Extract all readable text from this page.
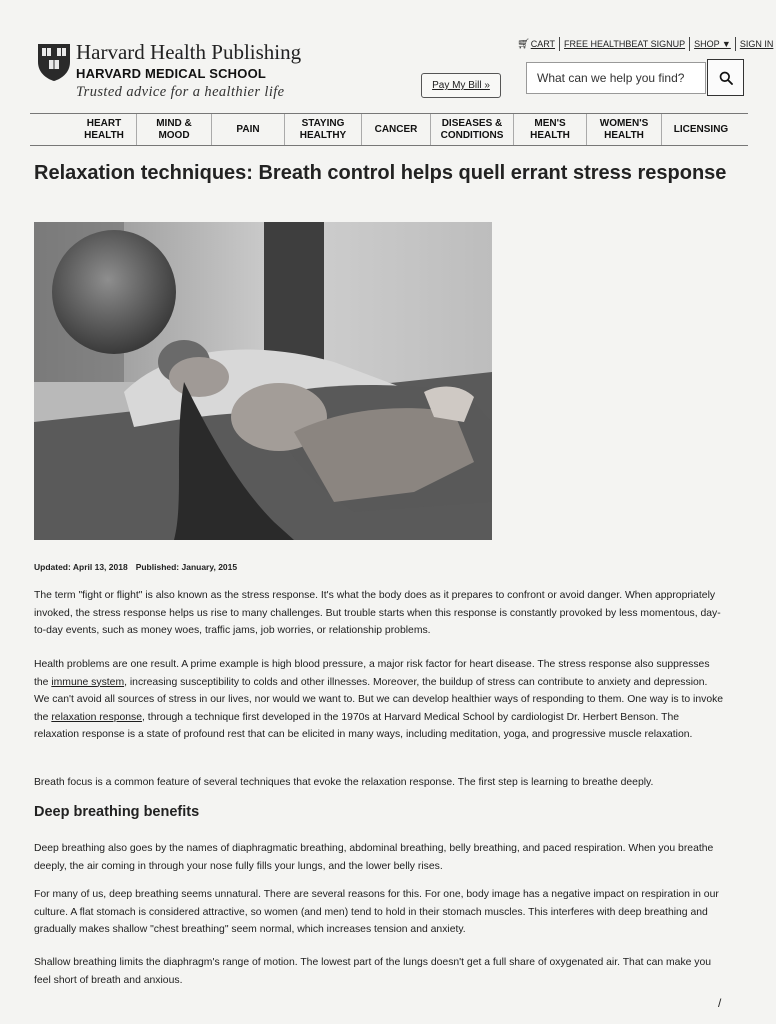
Harvard Health Publishing
HARVARD MEDICAL SCHOOL
Trusted advice for a healthier life
🛒︎CART	FREE HEALTHBEAT SIGNUP	SHOP ▼	SIGN IN
Pay My Bill »
What can we help you find?
HEART
HEALTH
MIND &
MOOD
PAIN
STAYING
HEALTHY
CANCER
DISEASES &
CONDITIONS
MEN'S
HEALTH
WOMEN'S
HEALTH
LICENSING
Relaxation techniques: Breath control helps quell errant stress response
Updated: April 13, 2018 Published: January, 2015

The term "fight or flight" is also known as the stress response. It's what the body does as it prepares to confront or avoid danger. When appropriately invoked, the stress response helps us rise to many challenges. But trouble starts when this response is constantly provoked by less momentous, day-to-day events, such as money woes, traffic jams, job worries, or relationship problems.

Health problems are one result. A prime example is high blood pressure, a major risk factor for heart disease. The stress response also suppresses the immune system, increasing susceptibility to colds and other illnesses. Moreover, the buildup of stress can contribute to anxiety and depression. We can't avoid all sources of stress in our lives, nor would we want to. But we can develop healthier ways of responding to them. One way is to invoke the relaxation response, through a technique first developed in the 1970s at Harvard Medical School by cardiologist Dr. Herbert Benson. The relaxation response is a state of profound rest that can be elicited in many ways, including meditation, yoga, and progressive muscle relaxation.

Breath focus is a common feature of several techniques that evoke the relaxation response. The first step is learning to breathe deeply.

Deep breathing benefits

Deep breathing also goes by the names of diaphragmatic breathing, abdominal breathing, belly breathing, and paced respiration. When you breathe deeply, the air coming in through your nose fully fills your lungs, and the lower belly rises.

For many of us, deep breathing seems unnatural. There are several reasons for this. For one, body image has a negative impact on respiration in our culture. A flat stomach is considered attractive, so women (and men) tend to hold in their stomach muscles. This interferes with deep breathing and gradually makes shallow "chest breathing" seem normal, which increases tension and anxiety.

Shallow breathing limits the diaphragm's range of motion. The lowest part of the lungs doesn't get a full share of oxygenated air. That can make you feel short of breath and anxious.

/
